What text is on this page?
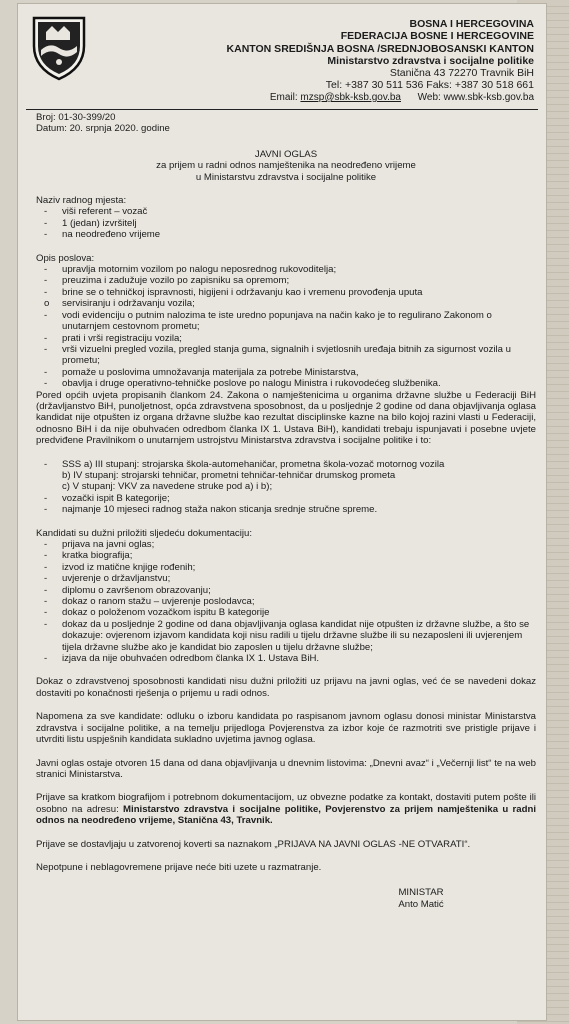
BOSNA I HERCEGOVINA
FEDERACIJA BOSNE I HERCEGOVINE
KANTON SREDIŠNJA BOSNA /SREDNJOBOSANSKI KANTON
Ministarstvo zdravstva i socijalne politike
Stanična 43 72270 Travnik BiH
Tel: +387 30 511 536 Faks: +387 30 518 661
Email: mzsp@sbk-ksb.gov.ba Web: www.sbk-ksb.gov.ba
Broj: 01-30-399/20
Datum: 20. srpnja 2020. godine
JAVNI OGLAS
za prijem u radni odnos namještenika na neodređeno vrijeme
u Ministarstvu zdravstva i socijalne politike
Naziv radnog mjesta:
- viši referent – vozač
- 1 (jedan) izvršitelj
- na neodređeno vrijeme
Opis poslova:
- upravlja motornim vozilom po nalogu neposrednog rukovoditelja;
- preuzima i zadužuje vozilo po zapisniku sa opremom;
- brine se o tehničkoj ispravnosti, higijeni i održavanju kao i vremenu provođenja uputa
o servisiranju i održavanju vozila;
- vodi evidenciju o putnim nalozima te iste uredno popunjava na način kako je to regulirano Zakonom o unutarnjem cestovnom prometu;
- prati i vrši registraciju vozila;
- vrši vizuelni pregled vozila, pregled stanja guma, signalnih i svjetlosnih uređaja bitnih za sigurnost vozila u prometu;
- pomaže u poslovima umnožavanja materijala za potrebe Ministarstva,
- obavlja i druge operativno-tehničke poslove po nalogu Ministra i rukovodećeg službenika.

Pored općih uvjeta propisanih člankom 24. Zakona o namještenicima u organima državne službe u Federaciji BiH (državljanstvo BiH, punoljetnost, opća zdravstvena sposobnost, da u posljednje 2 godine od dana objavljivanja oglasa kandidat nije otpušten iz organa državne službe kao rezultat disciplinske kazne na bilo kojoj razini vlasti u Federaciji, odnosno BiH i da nije obuhvaćen odredbom članka IX 1. Ustava BiH), kandidati trebaju ispunjavati i posebne uvjete predviđene Pravilnikom o unutarnjem ustrojstvu Ministarstva zdravstva i socijalne politike i to:

- SSS a) III stupanj: strojarska škola-automehaničar, prometna škola-vozač motornog vozila
b) IV stupanj: strojarski tehničar, prometni tehničar-tehničar drumskog prometa
c) V stupanj: VKV za navedene struke pod a) i b);
- vozački ispit B kategorije;
- najmanje 10 mjeseci radnog staža nakon sticanja srednje stručne spreme.
Kandidati su dužni priložiti sljedeću dokumentaciju:
- prijava na javni oglas;
- kratka biografija;
- izvod iz matične knjige rođenih;
- uvjerenje o državljanstvu;
- diplomu o završenom obrazovanju;
- dokaz o ranom stažu – uvjerenje poslodavca;
- dokaz o položenom vozačkom ispitu B kategorije
- dokaz da u posljednje 2 godine od dana objavljivanja oglasa kandidat nije otpušten iz državne službe, a što se dokazuje: ovjerenom izjavom kandidata koji nisu radili u tijelu državne službe ili su nezaposleni ili uvjerenjem tijela državne službe ako je kandidat bio zaposlen u tijelu državne službe;
- izjava da nije obuhvaćen odredbom članka IX 1. Ustava BiH.

Dokaz o zdravstvenoj sposobnosti kandidati nisu dužni priložiti uz prijavu na javni oglas, već će se navedeni dokaz dostaviti po konačnosti rješenja o prijemu u radi odnos.

Napomena za sve kandidate: odluku o izboru kandidata po raspisanom javnom oglasu donosi ministar Ministarstva zdravstva i socijalne politike, a na temelju prijedloga Povjerenstva za izbor koje će razmotriti sve pristigle prijave i utvrditi listu uspješnih kandidata sukladno uvjetima javnog oglasa.

Javni oglas ostaje otvoren 15 dana od dana objavljivanja u dnevnim listovima: „Dnevni avaz“ i „Večernji list“ te na web stranici Ministarstva.

Prijave sa kratkom biografijom i potrebnom dokumentacijom, uz obvezne podatke za kontakt, dostaviti putem pošte ili osobno na adresu: Ministarstvo zdravstva i socijalne politike, Povjerenstvo za prijem namještenika u radni odnos na neodređeno vrijeme, Stanična 43, Travnik.

Prijave se dostavljaju u zatvorenoj koverti sa naznakom „PRIJAVA NA JAVNI OGLAS -NE OTVARATI“.

Nepotpune i neblagovremene prijave neće biti uzete u razmatranje.

MINISTAR
Anto Matić
